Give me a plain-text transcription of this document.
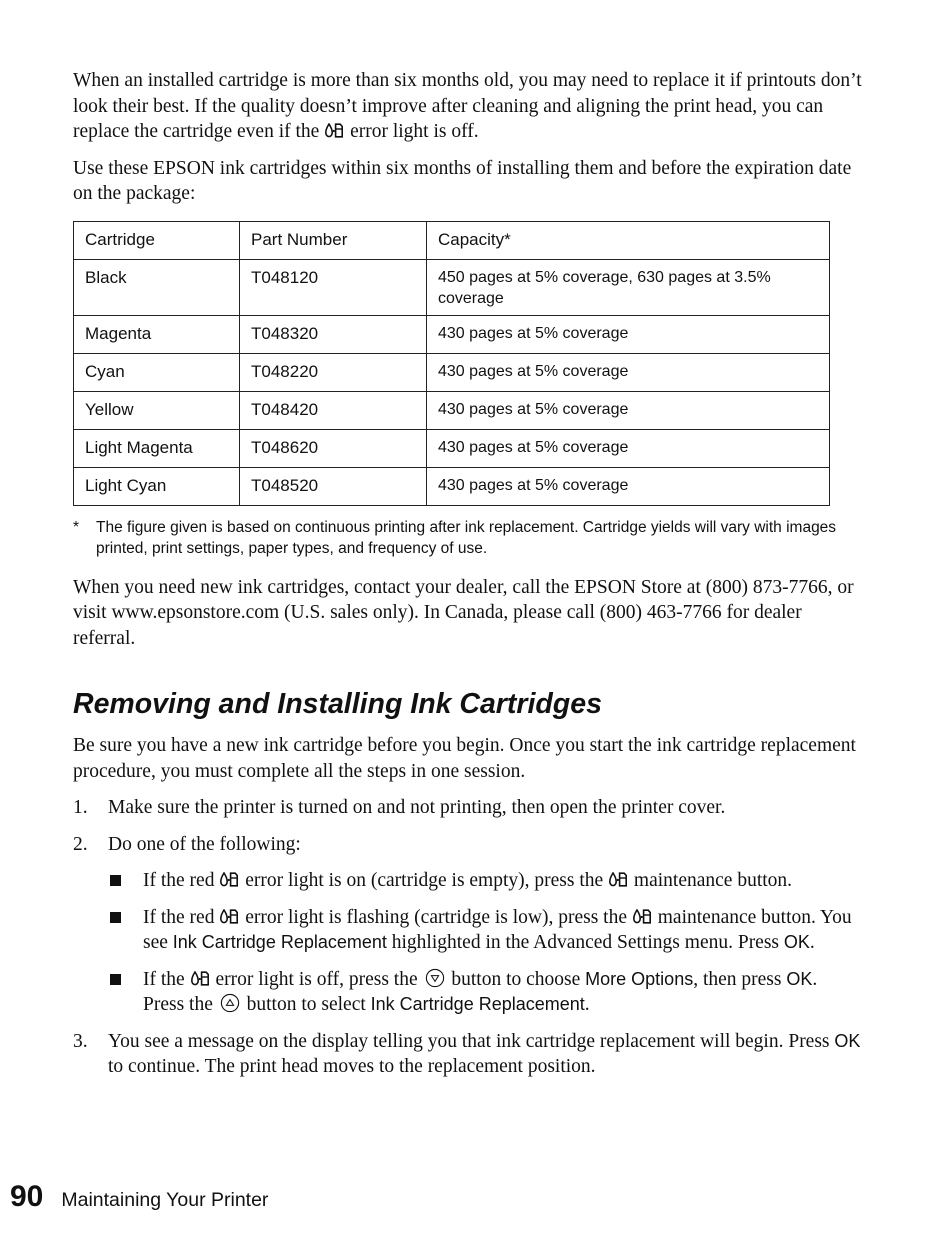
When an installed cartridge is more than six months old, you may need to replace it if printouts don’t look their best. If the quality doesn’t improve after cleaning and aligning the print head, you can replace the cartridge even if the error light is off.

Use these EPSON ink cartridges within six months of installing them and before the expiration date on the package:

Cartridge	Part Number	Capacity*
Black	T048120	450 pages at 5% coverage, 630 pages at 3.5% coverage
Magenta	T048320	430 pages at 5% coverage
Cyan	T048220	430 pages at 5% coverage
Yellow	T048420	430 pages at 5% coverage
Light Magenta	T048620	430 pages at 5% coverage
Light Cyan	T048520	430 pages at 5% coverage
* The figure given is based on continuous printing after ink replacement. Cartridge yields will vary with images printed, print settings, paper types, and frequency of use.

When you need new ink cartridges, contact your dealer, call the EPSON Store at (800) 873-7766, or visit www.epsonstore.com (U.S. sales only). In Canada, please call (800) 463-7766 for dealer referral.

Removing and Installing Ink Cartridges

Be sure you have a new ink cartridge before you begin. Once you start the ink cartridge replacement procedure, you must complete all the steps in one session.

1. Make sure the printer is turned on and not printing, then open the printer cover.
2. Do one of the following:
If the red error light is on (cartridge is empty), press the maintenance button.
If the red error light is flashing (cartridge is low), press the maintenance button. You see Ink Cartridge Replacement highlighted in the Advanced Settings menu. Press OK.
If the error light is off, press the button to choose More Options, then press OK. Press the button to select Ink Cartridge Replacement.
3. You see a message on the display telling you that ink cartridge replacement will begin. Press OK to continue. The print head moves to the replacement position.
90 Maintaining Your Printer
